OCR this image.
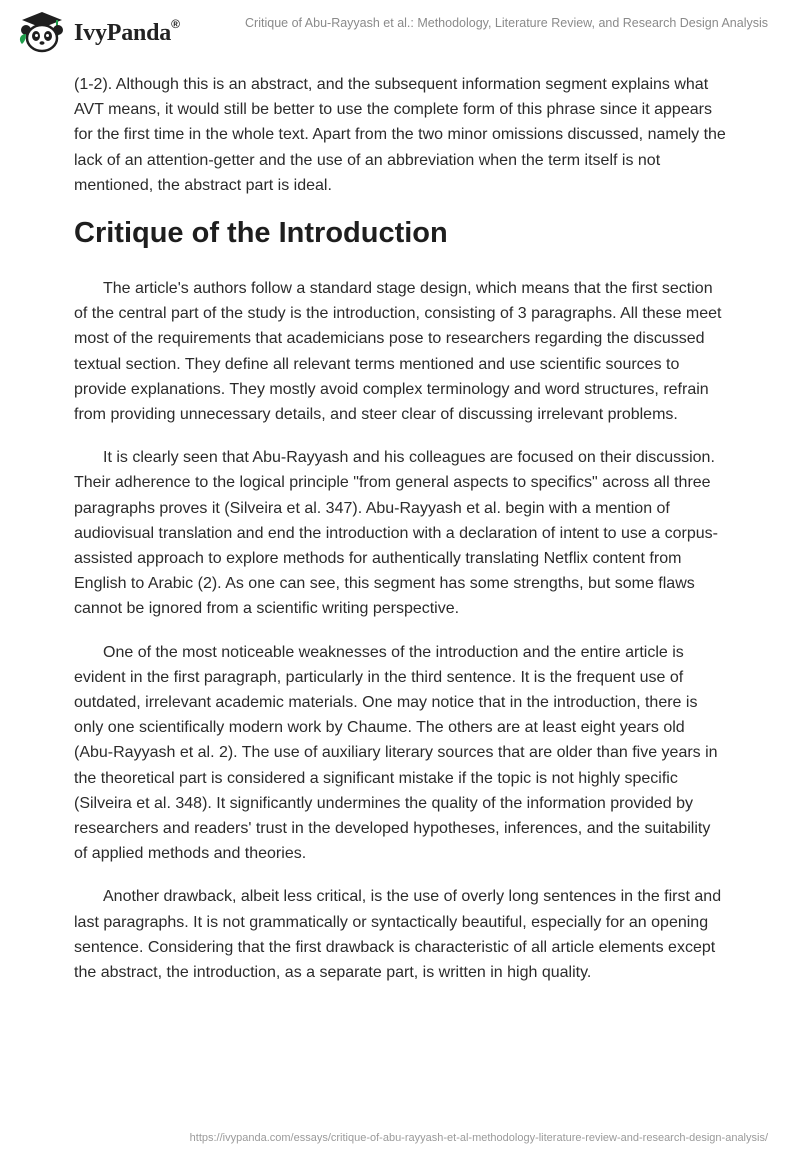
IvyPanda®	Critique of Abu-Rayyash et al.: Methodology, Literature Review, and Research Design Analysis

(1-2). Although this is an abstract, and the subsequent information segment explains what AVT means, it would still be better to use the complete form of this phrase since it appears for the first time in the whole text. Apart from the two minor omissions discussed, namely the lack of an attention-getter and the use of an abbreviation when the term itself is not mentioned, the abstract part is ideal.

Critique of the Introduction

The article's authors follow a standard stage design, which means that the first section of the central part of the study is the introduction, consisting of 3 paragraphs. All these meet most of the requirements that academicians pose to researchers regarding the discussed textual section. They define all relevant terms mentioned and use scientific sources to provide explanations. They mostly avoid complex terminology and word structures, refrain from providing unnecessary details, and steer clear of discussing irrelevant problems.

It is clearly seen that Abu-Rayyash and his colleagues are focused on their discussion. Their adherence to the logical principle "from general aspects to specifics" across all three paragraphs proves it (Silveira et al. 347). Abu-Rayyash et al. begin with a mention of audiovisual translation and end the introduction with a declaration of intent to use a corpus-assisted approach to explore methods for authentically translating Netflix content from English to Arabic (2). As one can see, this segment has some strengths, but some flaws cannot be ignored from a scientific writing perspective.

One of the most noticeable weaknesses of the introduction and the entire article is evident in the first paragraph, particularly in the third sentence. It is the frequent use of outdated, irrelevant academic materials. One may notice that in the introduction, there is only one scientifically modern work by Chaume. The others are at least eight years old (Abu-Rayyash et al. 2). The use of auxiliary literary sources that are older than five years in the theoretical part is considered a significant mistake if the topic is not highly specific (Silveira et al. 348). It significantly undermines the quality of the information provided by researchers and readers' trust in the developed hypotheses, inferences, and the suitability of applied methods and theories.

Another drawback, albeit less critical, is the use of overly long sentences in the first and last paragraphs. It is not grammatically or syntactically beautiful, especially for an opening sentence. Considering that the first drawback is characteristic of all article elements except the abstract, the introduction, as a separate part, is written in high quality.

https://ivypanda.com/essays/critique-of-abu-rayyash-et-al-methodology-literature-review-and-research-design-analysis/
